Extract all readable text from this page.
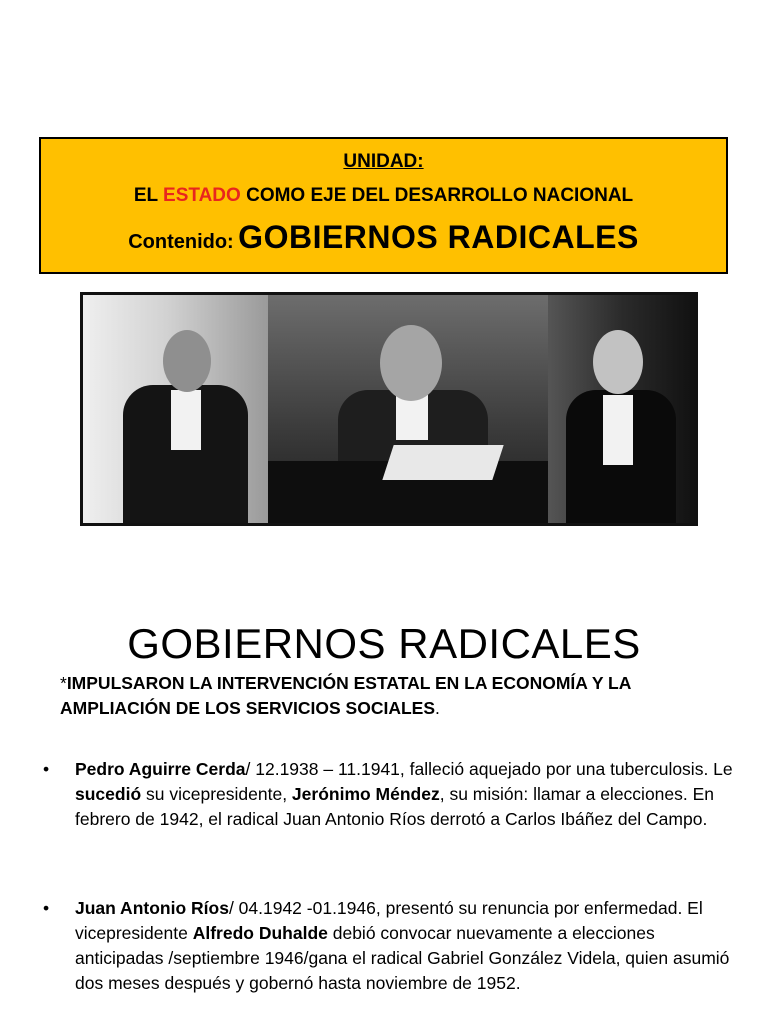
UNIDAD:
EL ESTADO COMO EJE DEL DESARROLLO NACIONAL
Contenido: GOBIERNOS RADICALES
GOBIERNOS RADICALES
*IMPULSARON LA INTERVENCIÓN ESTATAL EN LA ECONOMÍA Y LA AMPLIACIÓN DE LOS SERVICIOS SOCIALES.
• Pedro Aguirre Cerda/ 12.1938 – 11.1941, falleció aquejado por una tuberculosis. Le sucedió su vicepresidente, Jerónimo Méndez, su misión: llamar a elecciones. En febrero de 1942, el radical Juan Antonio Ríos derrotó a Carlos Ibáñez del Campo.
• Juan Antonio Ríos/ 04.1942 -01.1946, presentó su renuncia por enfermedad. El vicepresidente Alfredo Duhalde debió convocar nuevamente a elecciones anticipadas /septiembre 1946/gana el radical Gabriel González Videla, quien asumió dos meses después y gobernó hasta noviembre de 1952.
